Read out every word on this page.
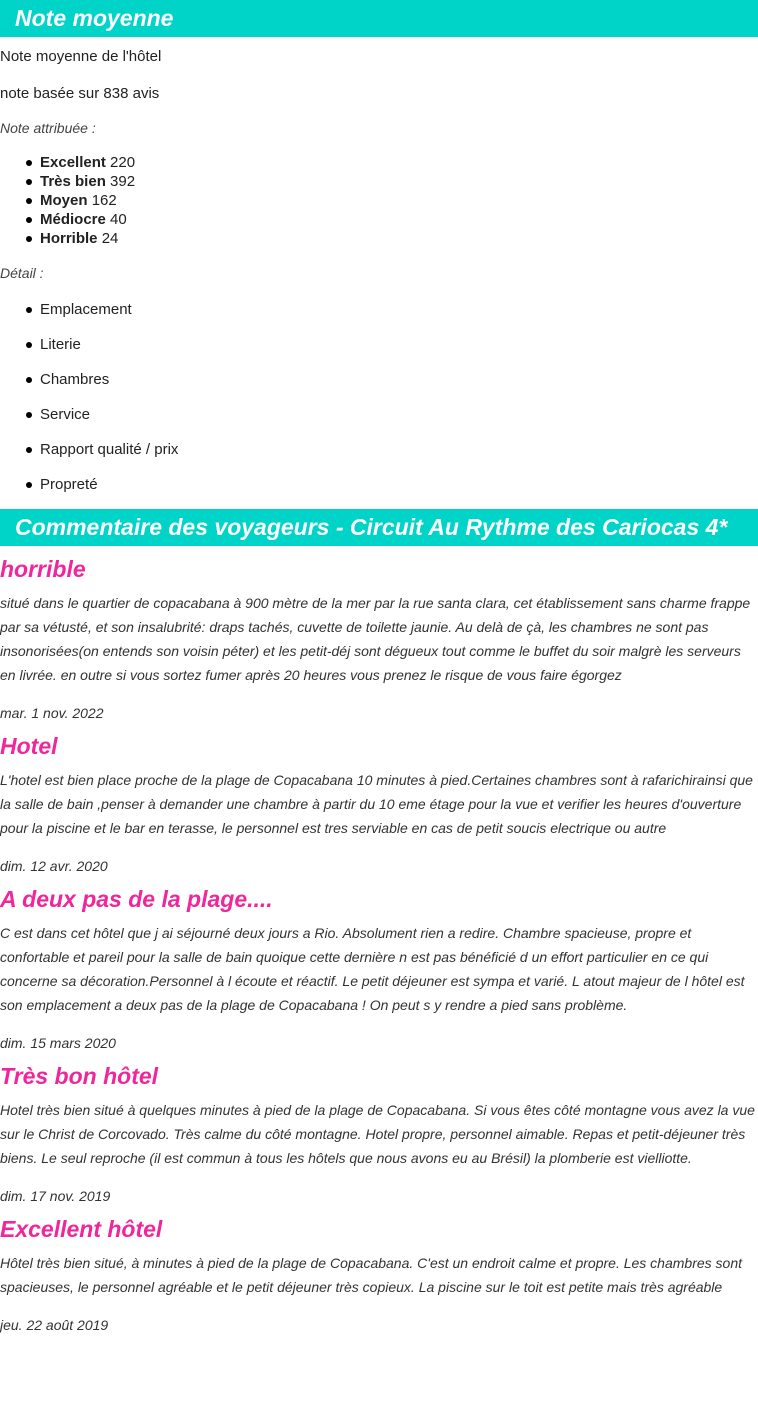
Note moyenne

Note moyenne de l'hôtel

note basée sur 838 avis

Note attribuée :

Excellent 220
Très bien 392
Moyen 162
Médiocre 40
Horrible 24

Détail :

Emplacement
Literie
Chambres
Service
Rapport qualité / prix
Propreté
Commentaire des voyageurs - Circuit Au Rythme des Cariocas 4*
horrible

situé dans le quartier de copacabana à 900 mètre de la mer par la rue santa clara, cet établissement sans charme frappe par sa vétusté, et son insalubrité: draps tachés, cuvette de toilette jaunie. Au delà de çà, les chambres ne sont pas insonorisées(on entends son voisin péter) et les petit-déj sont dégueux tout comme le buffet du soir malgrè les serveurs en livrée. en outre si vous sortez fumer après 20 heures vous prenez le risque de vous faire égorgez

mar. 1 nov. 2022

Hotel

L'hotel est bien place proche de la plage de Copacabana 10 minutes à pied.Certaines chambres sont à rafarichirainsi que la salle de bain ,penser à demander une chambre à partir du 10 eme étage pour la vue et verifier les heures d'ouverture pour la piscine et le bar en terasse, le personnel est tres serviable en cas de petit soucis electrique ou autre

dim. 12 avr. 2020

A deux pas de la plage....

C est dans cet hôtel que j ai séjourné deux jours a Rio. Absolument rien a redire. Chambre spacieuse, propre et confortable et pareil pour la salle de bain quoique cette dernière n est pas bénéficié d un effort particulier en ce qui concerne sa décoration.Personnel à l écoute et réactif. Le petit déjeuner est sympa et varié. L atout majeur de l hôtel est son emplacement a deux pas de la plage de Copacabana ! On peut s y rendre a pied sans problème.

dim. 15 mars 2020

Très bon hôtel

Hotel très bien situé à quelques minutes à pied de la plage de Copacabana. Si vous êtes côté montagne vous avez la vue sur le Christ de Corcovado. Très calme du côté montagne. Hotel propre, personnel aimable. Repas et petit-déjeuner très biens. Le seul reproche (il est commun à tous les hôtels que nous avons eu au Brésil) la plomberie est vielliotte.

dim. 17 nov. 2019

Excellent hôtel

Hôtel très bien situé, à minutes à pied de la plage de Copacabana. C'est un endroit calme et propre. Les chambres sont spacieuses, le personnel agréable et le petit déjeuner très copieux. La piscine sur le toit est petite mais très agréable

jeu. 22 août 2019
